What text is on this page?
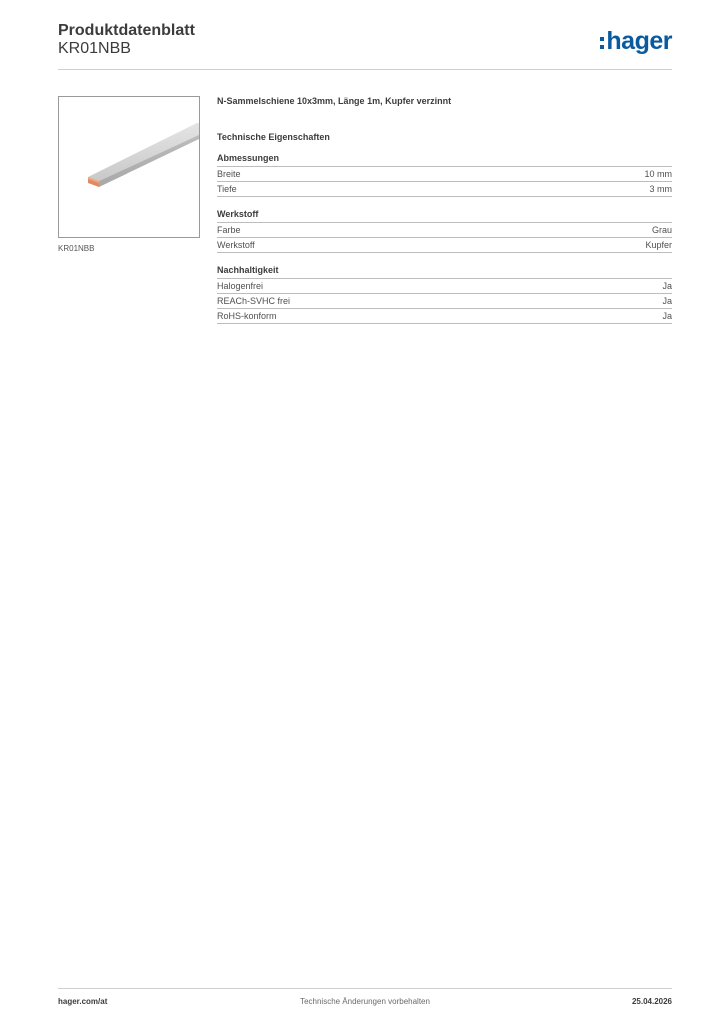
Produktdatenblatt
KR01NBB	hager
KR01NBB
N-Sammelschiene 10x3mm, Länge 1m, Kupfer verzinnt
Technische Eigenschaften
Abmessungen
Breite	10 mm
Tiefe	3 mm
Werkstoff
Farbe	Grau
Werkstoff	Kupfer
Nachhaltigkeit
Halogenfrei	Ja
REACh-SVHC frei	Ja
RoHS-konform	Ja
hager.com/at	Technische Änderungen vorbehalten	25.04.2026
